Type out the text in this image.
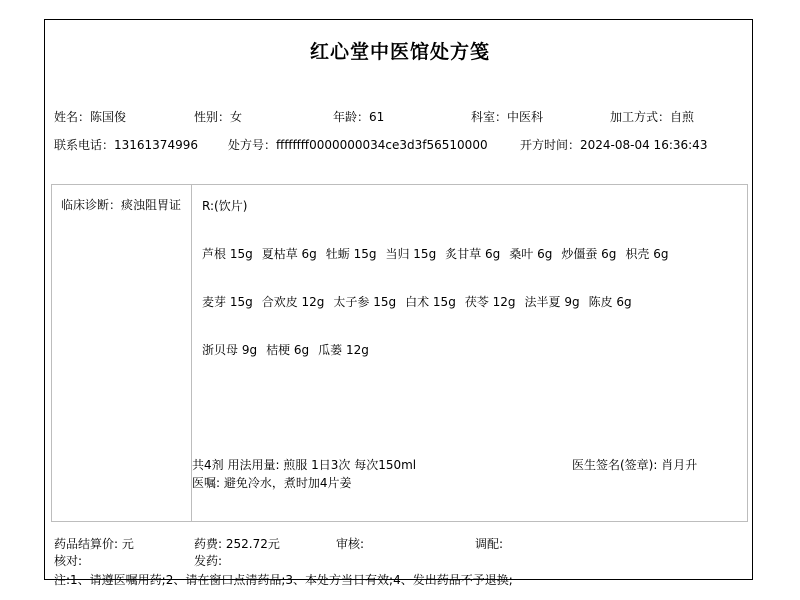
红心堂中医馆处方笺
姓名：陈国俊	性别：女	年龄：61	科室：中医科	加工方式：自煎
联系电话：13161374996	处方号：ffffffff0000000034ce3d3f56510000	开方时间：2024-08-04 16:36:43
临床诊断：痰浊阻胃证	R:(饮片)
芦根 15g 夏枯草 6g 牡蛎 15g 当归 15g 炙甘草 6g 桑叶 6g 炒僵蚕 6g 枳壳 6g
麦芽 15g 合欢皮 12g 太子参 15g 白术 15g 茯苓 12g 法半夏 9g 陈皮 6g
浙贝母 9g 桔梗 6g 瓜蒌 12g
共4剂 用法用量: 煎服 1日3次 每次150ml
医嘱: 避免冷水，煮时加4片姜
医生签名(签章): 肖月升
药品结算价: 元	药费: 252.72元	审核:	调配:
核对:	发药:
注:1、请遵医嘱用药;2、请在窗口点清药品;3、本处方当日有效;4、发出药品不予退换;
